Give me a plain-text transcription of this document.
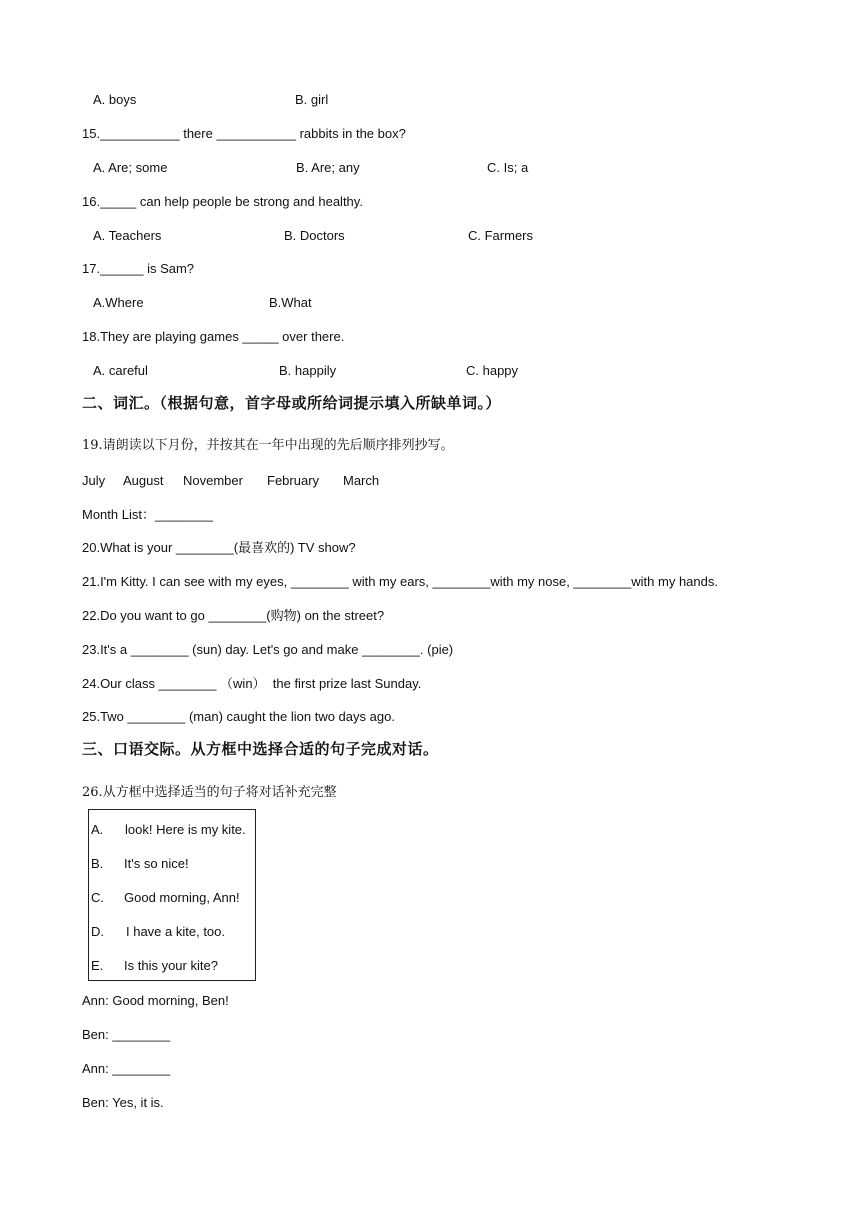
A. boys	B. girl
15.___________ there ___________ rabbits in the box?
A. Are; some	B. Are; any	C. Is; a
16._____ can help people be strong and healthy.
A. Teachers	B. Doctors	C. Farmers
17.______ is Sam?
A.Where	B.What
18.They are playing games _____ over there.
A. careful	B. happily	C. happy
二、词汇。（根据句意，首字母或所给词提示填入所缺单词。）
19.请朗读以下月份，并按其在一年中出现的先后顺序排列抄写。
July August November February March
Month List：________
20.What is your ________(最喜欢的) TV show?
21.I'm Kitty. I can see with my eyes, ________ with my ears, ________with my nose, ________with my hands.
22.Do you want to go ________(购物) on the street?
23.It's a ________ (sun) day. Let's go and make ________. (pie)
24.Our class ________ （win）  the first prize last Sunday.
25.Two ________ (man) caught the lion two days ago.
三、口语交际。从方框中选择合适的句子完成对话。
26.从方框中选择适当的句子将对话补充完整
A. look! Here is my kite.
B. It's so nice!
C. Good morning, Ann!
D. I have a kite, too.
E. Is this your kite?
Ann: Good morning, Ben!
Ben: ________
Ann: ________
Ben: Yes, it is.
